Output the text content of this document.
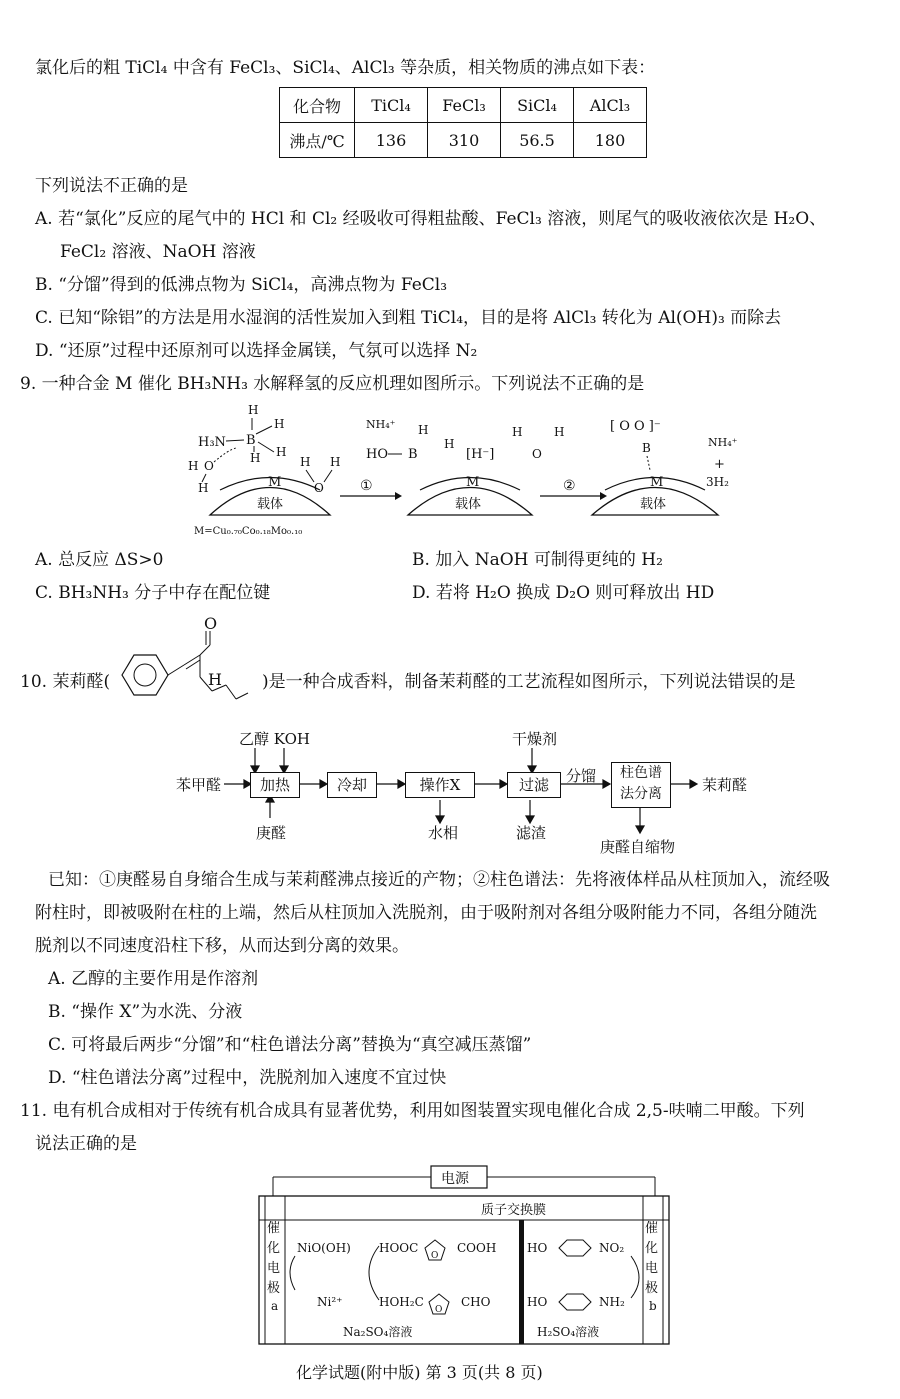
氯化后的粗 TiCl₄ 中含有 FeCl₃、SiCl₄、AlCl₃ 等杂质，相关物质的沸点如下表：
化合物	TiCl₄	FeCl₃	SiCl₄	AlCl₃
沸点/℃	136	310	56.5	180
下列说法不正确的是
A. 若“氯化”反应的尾气中的 HCl 和 Cl₂ 经吸收可得粗盐酸、FeCl₃ 溶液，则尾气的吸收液依次是 H₂O、
FeCl₂ 溶液、NaOH 溶液
B. “分馏”得到的低沸点物为 SiCl₄，高沸点物为 FeCl₃
C. 已知“除铝”的方法是用水湿润的活性炭加入到粗 TiCl₄，目的是将 AlCl₃ 转化为 Al(OH)₃ 而除去
D. “还原”过程中还原剂可以选择金属镁，气氛可以选择 N₂
9. 一种合金 M 催化 BH₃NH₃ 水解释氢的反应机理如图所示。下列说法不正确的是
M
载体
H₃N B
H
H
H
H
H O
H
M=Cu₀.₇₀Co₀.₁₈Mo₀.₁₀
H H
O	①	M
载体
NH₄⁺
HO B
H
H
[H⁻]
H
O
H
②	M
载体
[ O O ]⁻
B	NH₄⁺
+
3H₂
A. 总反应 ΔS>0	B. 加入 NaOH 可制得更纯的 H₂
C. BH₃NH₃ 分子中存在配位键	D. 若将 H₂O 换成 D₂O 则可释放出 HD
10. 茉莉醛(
O
H )是一种合成香料，制备茉莉醛的工艺流程如图所示，下列说法错误的是
乙醇 KOH
苯甲醛	加热
庚醛
冷却	操作X
水相
干燥剂
过滤
滤渣
分馏	柱色谱
法分离
庚醛自缩物
茉莉醛
已知：①庚醛易自身缩合生成与茉莉醛沸点接近的产物；②柱色谱法：先将液体样品从柱顶加入，流经吸
附柱时，即被吸附在柱的上端，然后从柱顶加入洗脱剂，由于吸附剂对各组分吸附能力不同，各组分随洗
脱剂以不同速度沿柱下移，从而达到分离的效果。
A. 乙醇的主要作用是作溶剂
B. “操作 X”为水洗、分液
C. 可将最后两步“分馏”和“柱色谱法分离”替换为“真空减压蒸馏”
D. “柱色谱法分离”过程中，洗脱剂加入速度不宜过快
11. 电有机合成相对于传统有机合成具有显著优势，利用如图装置实现电催化合成 2,5-呋喃二甲酸。下列
说法正确的是
电源
催
化
电
极
a
催
化
电
极
b
质子交换膜
NiO(OH)
Ni²⁺
HOOC
O
COOH
HOH₂C
O
CHO
Na₂SO₄溶液
HO	NO₂
HO	NH₂
H₂SO₄溶液
化学试题(附中版) 第 3 页(共 8 页)
